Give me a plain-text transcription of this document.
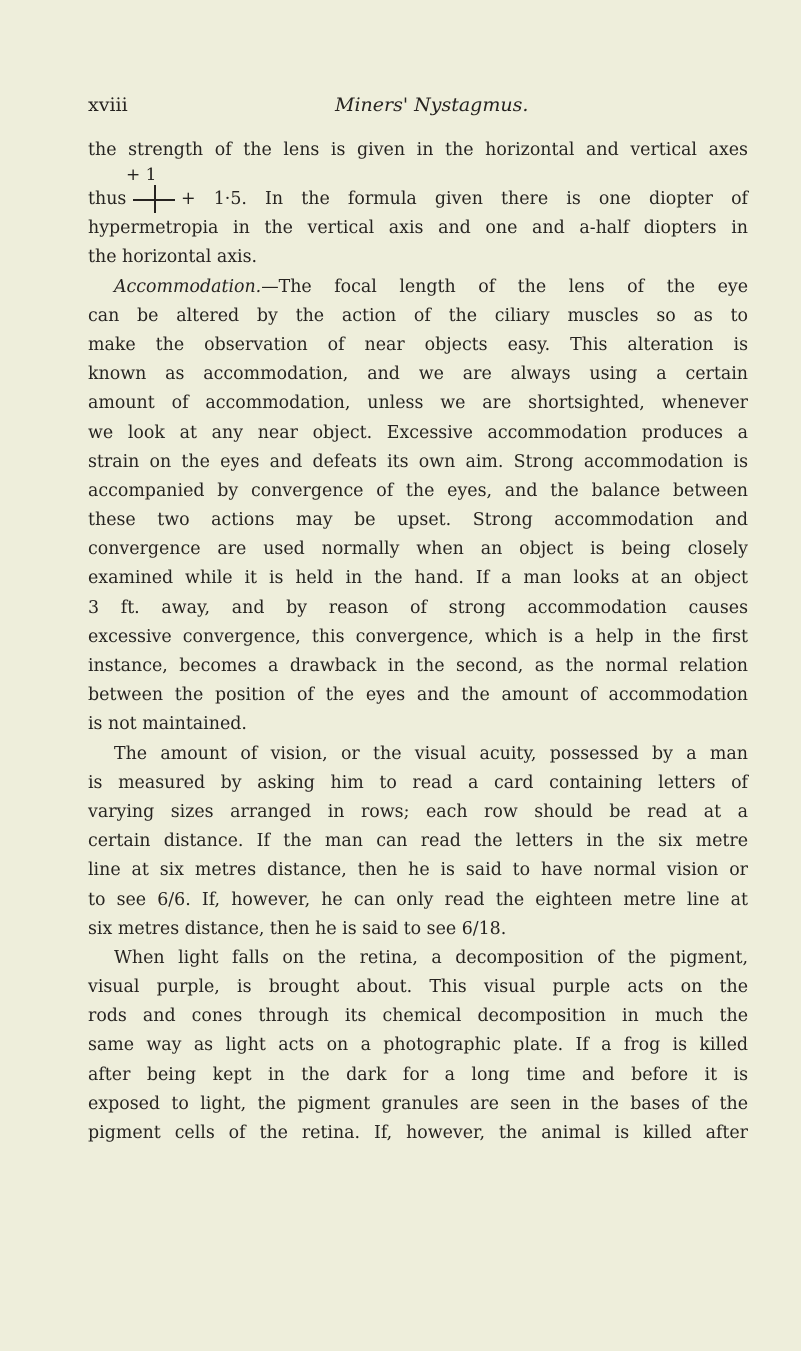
xviii	Miners' Nystagmus.
the strength of the lens is given in the horizontal and vertical axes
+ 1
thus	+ 1·5. In the formula given there is one diopter of
hypermetropia in the vertical axis and one and a-half diopters in
the horizontal axis.
Accommodation.—The focal length of the lens of the eye
can be altered by the action of the ciliary muscles so as to
make the observation of near objects easy. This alteration is
known as accommodation, and we are always using a certain
amount of accommodation, unless we are shortsighted, whenever
we look at any near object. Excessive accommodation produces a
strain on the eyes and defeats its own aim. Strong accommodation is
accompanied by convergence of the eyes, and the balance between
these two actions may be upset. Strong accommodation and
convergence are used normally when an object is being closely
examined while it is held in the hand. If a man looks at an object
3 ft. away, and by reason of strong accommodation causes
excessive convergence, this convergence, which is a help in the first
instance, becomes a drawback in the second, as the normal relation
between the position of the eyes and the amount of accommodation
is not maintained.
The amount of vision, or the visual acuity, possessed by a man
is measured by asking him to read a card containing letters of
varying sizes arranged in rows; each row should be read at a
certain distance. If the man can read the letters in the six metre
line at six metres distance, then he is said to have normal vision or
to see 6/6. If, however, he can only read the eighteen metre line at
six metres distance, then he is said to see 6/18.
When light falls on the retina, a decomposition of the pigment,
visual purple, is brought about. This visual purple acts on the
rods and cones through its chemical decomposition in much the
same way as light acts on a photographic plate. If a frog is killed
after being kept in the dark for a long time and before it is
exposed to light, the pigment granules are seen in the bases of the
pigment cells of the retina. If, however, the animal is killed after
